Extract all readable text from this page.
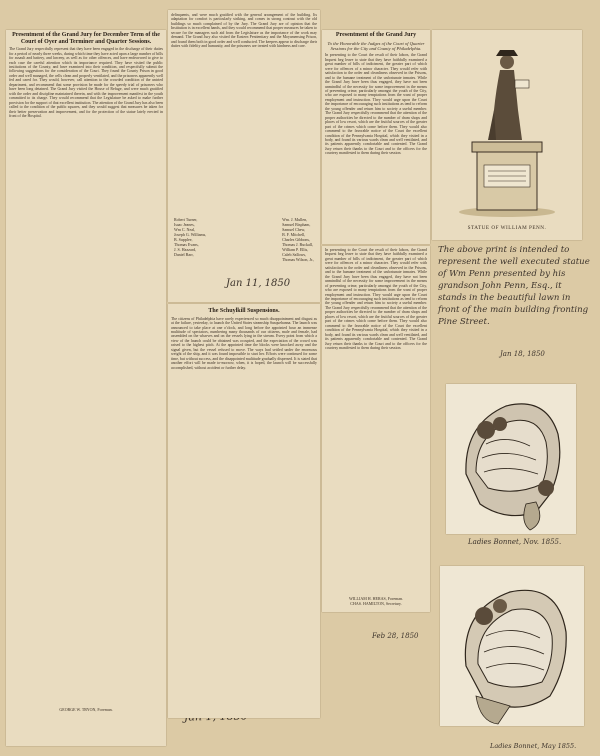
Presentment of the Grand Jury for December Term of the Court of Oyer and Terminer and Quarter Sessions.
The Grand Jury respectfully represent that they have been engaged in the discharge of their duties for a period of nearly three weeks, during which time they have acted upon a large number of bills for assault and battery, and larceny, as well as for other offences, and have endeavored to give to each case the careful attention which its importance required. They have visited the public institutions of the County, and have examined into their condition, and respectfully submit the following suggestions for the consideration of the Court. They found the County Prison in good order and well managed, the cells clean and properly ventilated, and the prisoners apparently well fed and cared for. They would, however, call attention to the crowded condition of the untried department, and recommend that some provision be made for the speedy trial of prisoners who have been long detained. The Grand Jury visited the House of Refuge, and were much gratified with the order and discipline maintained therein, and with the improvement manifest in the youth committed to its charge. They would recommend that the Legislature be asked to make further provision for the support of that excellent institution. The attention of the Grand Jury has also been called to the condition of the public squares, and they would suggest that measures be taken for their better preservation and improvement, and for the protection of the statue lately erected in front of the Hospital.
GEORGE W. TRYON, Foreman.
delinquents, and were much gratified with the general arrangement of the building. Its adaptation for comfort is particularly striking, and comes in strong contrast with the old buildings so much complained of by the Jury. The Grand Jury are of opinion that the Institution is in excellent hands, and they would recommend that proper measures be taken to secure for the managers such aid from the Legislature as the importance of the work may demand. The Grand Jury also visited the Eastern Penitentiary and the Moyamensing Prison, and found them both in good order and well conducted. The keepers appear to discharge their duties with fidelity and humanity, and the prisoners are treated with kindness and care.
Robert Turner,
Isaac Jeanes,
Wm C. Neal,
Joseph G. Williams,
B. Supplee,
Thomas Evans,
J. S. Hazzard,
Daniel Barr,
Wm. J. Mullen,
Samuel Bispham,
Samuel Chew,
B. F. Mitchell,
Charles Gibbons,
Thomas J. Buckall,
William P. Ellis,
Caleb Sallows,
Thomas Wilson, Jr.,
Jan 11, 1850
The Schuylkill Suspensions.
The citizens of Philadelphia have rarely experienced so much disappointment and disgust as at the failure, yesterday, to launch the United States steamship Susquehanna. The launch was announced to take place at one o'clock, and long before the appointed hour an immense multitude of spectators, numbering many thousands of our citizens, male and female, had assembled on the wharves and on the vessels lying in the stream. Every point from which a view of the launch could be obtained was occupied, and the expectation of the crowd was raised to the highest pitch. At the appointed time the blocks were knocked away and the signal given, but the vessel refused to move. The ways had settled under the enormous weight of the ship, and it was found impossible to start her. Efforts were continued for some time, but without success, and the disappointed multitude gradually dispersed. It is stated that another effort will be made to-morrow, when, it is hoped, the launch will be successfully accomplished, without accident or further delay.
Presentment of the Grand Jury
To the Honorable the Judges of the Court of Quarter Sessions for the City and County of Philadelphia.
In presenting to the Court the result of their labors, the Grand Inquest beg leave to state that they have faithfully examined a great number of bills of indictment, the greater part of which were for offences of a minor character. They would refer with satisfaction to the order and cleanliness observed in the Prisons, and to the humane treatment of the unfortunate inmates. While the Grand Jury have been thus engaged, they have not been unmindful of the necessity for some improvement in the means of preventing crime, particularly amongst the youth of the City, who are exposed to many temptations from the want of proper employment and instruction. They would urge upon the Court the importance of encouraging such institutions as tend to reform the young offender and return him to society a useful member. The Grand Jury respectfully recommend that the attention of the proper authorities be directed to the number of dram shops and places of low resort, which are the fruitful sources of the greater part of the crimes which come before them. They would also commend to the favorable notice of the Court the excellent condition of the Pennsylvania Hospital, which they visited in a body, and found its various wards clean and well ventilated, and its patients apparently comfortable and contented. The Grand Jury return their thanks to the Court and to the officers for the courtesy manifested to them during their session.
STATUE OF WILLIAM PENN.
The above print is intended to represent the well executed statue of Wm Penn presented by his grandson John Penn, Esq., it stands in the beautiful lawn in front of the main building fronting Pine Street.
Jan 18, 1850
In presenting to the Court the result of their labors, the Grand Inquest beg leave to state that they have faithfully examined a great number of bills of indictment, the greater part of which were for offences of a minor character. They would refer with satisfaction to the order and cleanliness observed in the Prisons, and to the humane treatment of the unfortunate inmates. While the Grand Jury have been thus engaged, they have not been unmindful of the necessity for some improvement in the means of preventing crime, particularly amongst the youth of the City, who are exposed to many temptations from the want of proper employment and instruction. They would urge upon the Court the importance of encouraging such institutions as tend to reform the young offender and return him to society a useful member. The Grand Jury respectfully recommend that the attention of the proper authorities be directed to the number of dram shops and places of low resort, which are the fruitful sources of the greater part of the crimes which come before them. They would also commend to the favorable notice of the Court the excellent condition of the Pennsylvania Hospital, which they visited in a body, and found its various wards clean and well ventilated, and its patients apparently comfortable and contented. The Grand Jury return their thanks to the Court and to the officers for the courtesy manifested to them during their session.
WILLIAM H. HERAS, Foreman.
CHAS. HAMILTON, Secretary.
Ladies Bonnet, Nov. 1855.
Feb 28, 1850
Ladies Bonnet, May 1855.
